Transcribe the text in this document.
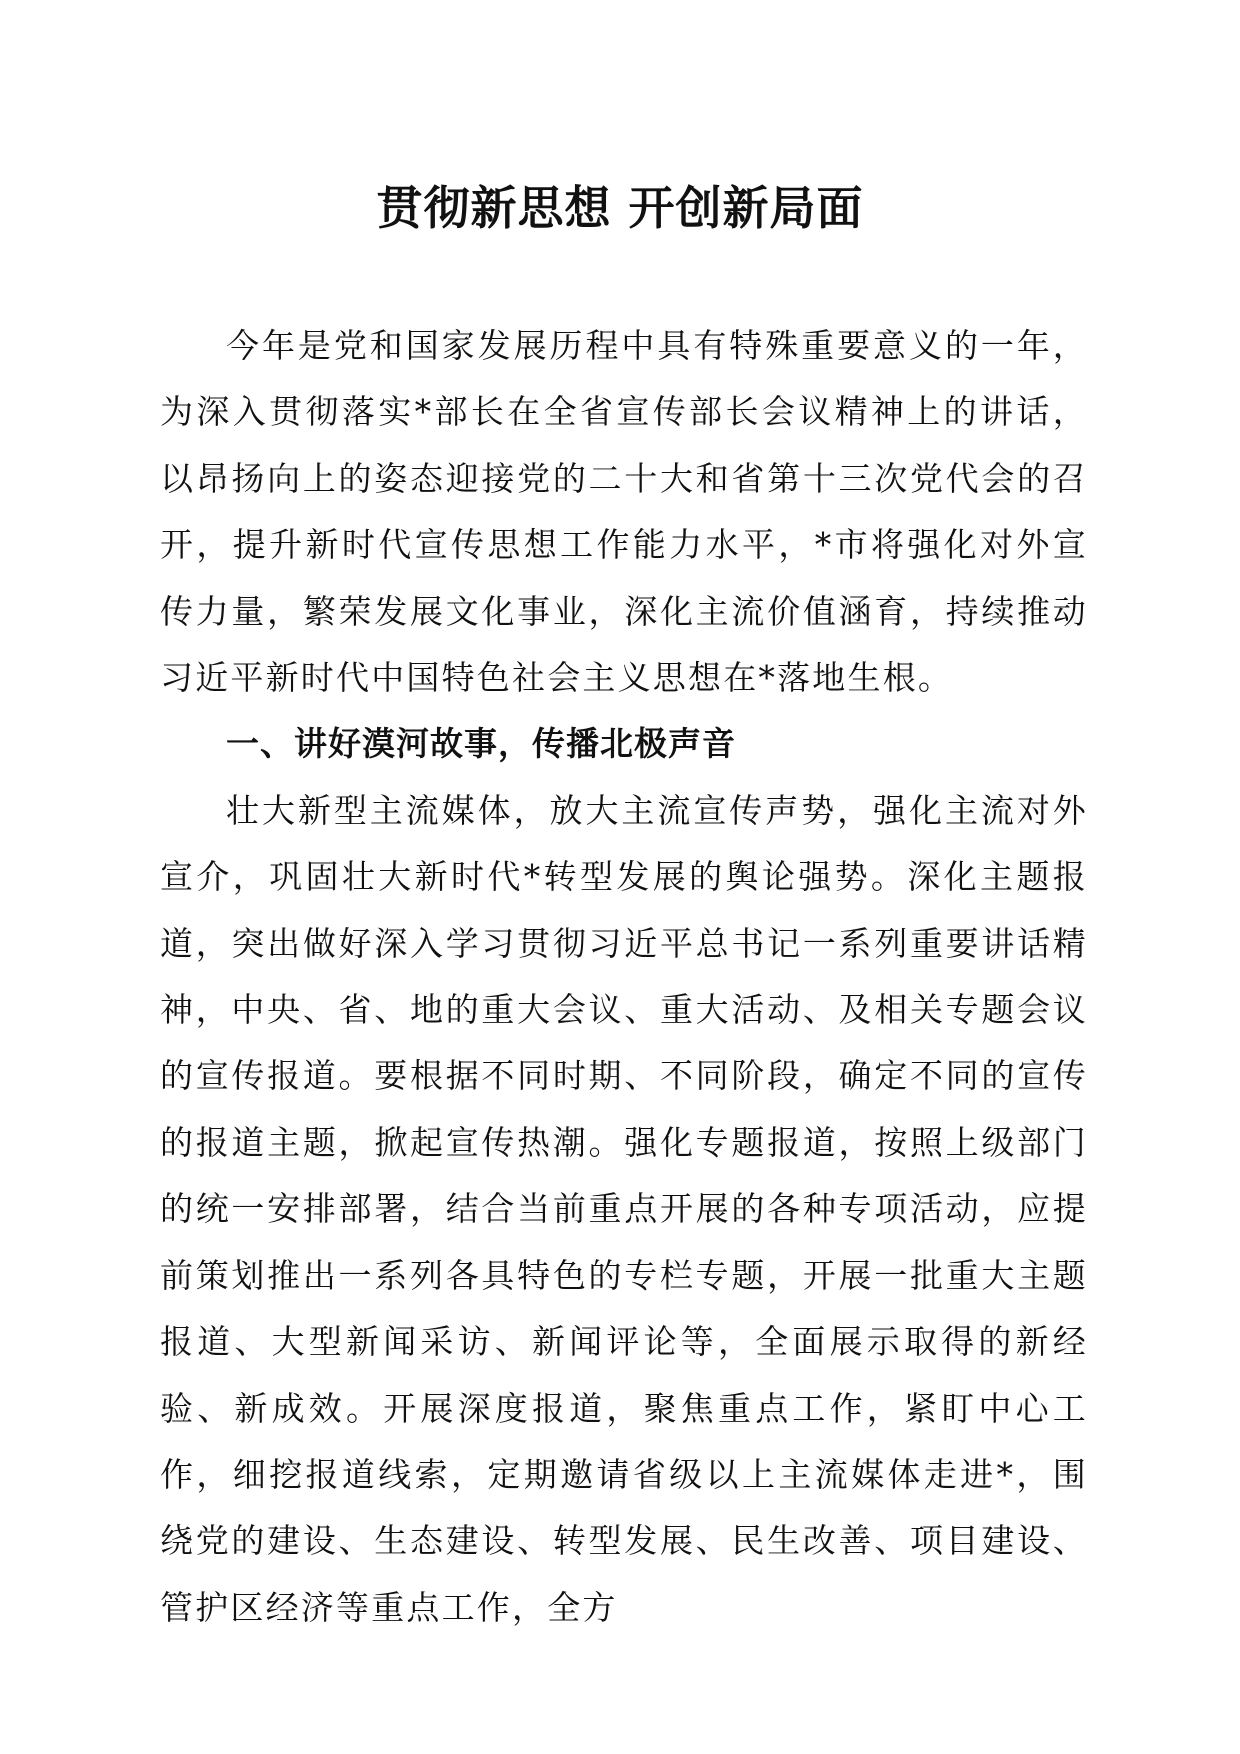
贯彻新思想 开创新局面

今年是党和国家发展历程中具有特殊重要意义的一年，为深入贯彻落实*部长在全省宣传部长会议精神上的讲话，以昂扬向上的姿态迎接党的二十大和省第十三次党代会的召开，提升新时代宣传思想工作能力水平，*市将强化对外宣传力量，繁荣发展文化事业，深化主流价值涵育，持续推动习近平新时代中国特色社会主义思想在*落地生根。

一、讲好漠河故事，传播北极声音

壮大新型主流媒体，放大主流宣传声势，强化主流对外宣介，巩固壮大新时代*转型发展的舆论强势。深化主题报道，突出做好深入学习贯彻习近平总书记一系列重要讲话精神，中央、省、地的重大会议、重大活动、及相关专题会议的宣传报道。要根据不同时期、不同阶段，确定不同的宣传的报道主题，掀起宣传热潮。强化专题报道，按照上级部门的统一安排部署，结合当前重点开展的各种专项活动，应提前策划推出一系列各具特色的专栏专题，开展一批重大主题报道、大型新闻采访、新闻评论等，全面展示取得的新经验、新成效。开展深度报道，聚焦重点工作，紧盯中心工作，细挖报道线索，定期邀请省级以上主流媒体走进*，围绕党的建设、生态建设、转型发展、民生改善、项目建设、管护区经济等重点工作，全方
